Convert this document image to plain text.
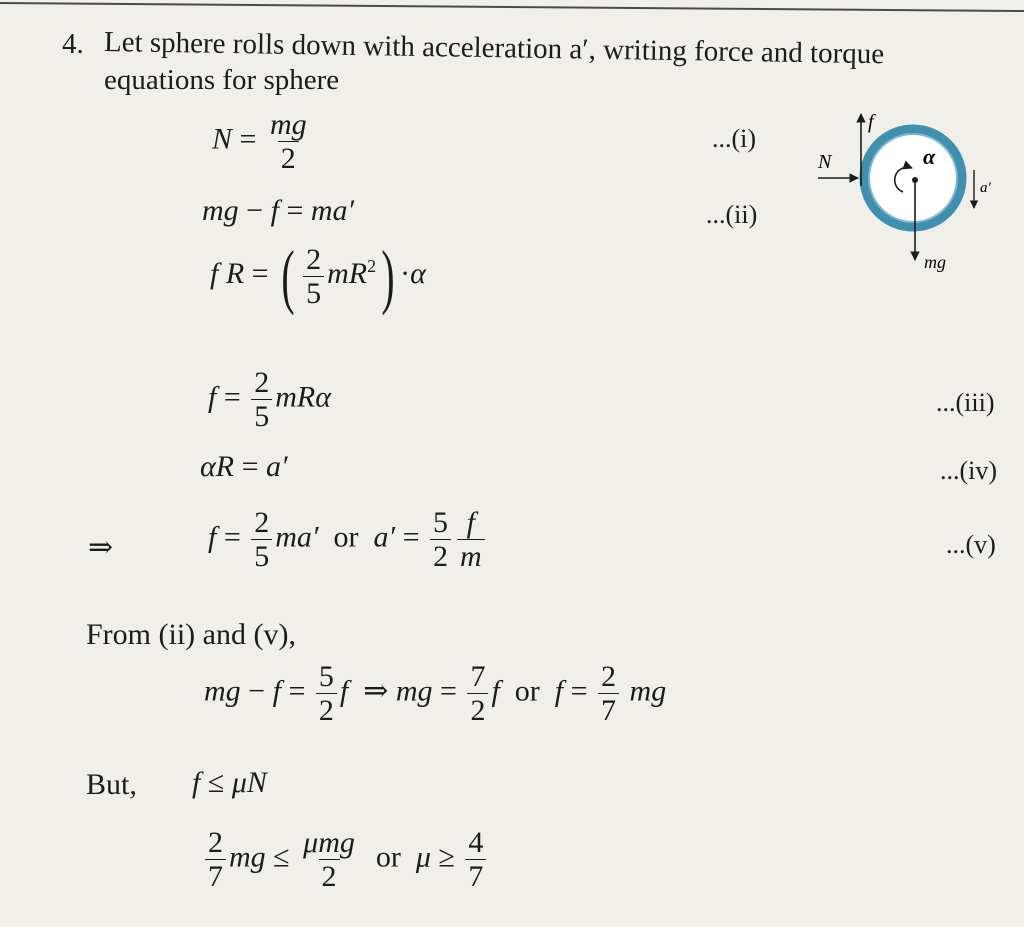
4. Let sphere rolls down with acceleration a′, writing force and torque
equations for sphere
$N = \frac{mg}{2}$	...(i)
mg − f = ma′	...(ii)
f R = ( $\frac{2}{5} mR^2) \cdot\alpha$
$f = \frac{2}{5}$ mRα	...(iii)
αR = a′	...(iv)
⇒	$f = \frac{2}{5} ma'$ or $a' = \frac{5}{2} \frac{f}{m}$	...(v)
From (ii) and (v),
mg − $f = \frac{5}{2}$ f  ⇒ mg = $\frac{7}{2}$ f or $f = \frac{2}{7}$ mg
But, f ≤ μN
$\frac{2}{7}$ mg ≤ $\frac{\text{μmg}}{2}$ or $\mu \ge \frac{4}{7}$
f
N	α
mg
a′
